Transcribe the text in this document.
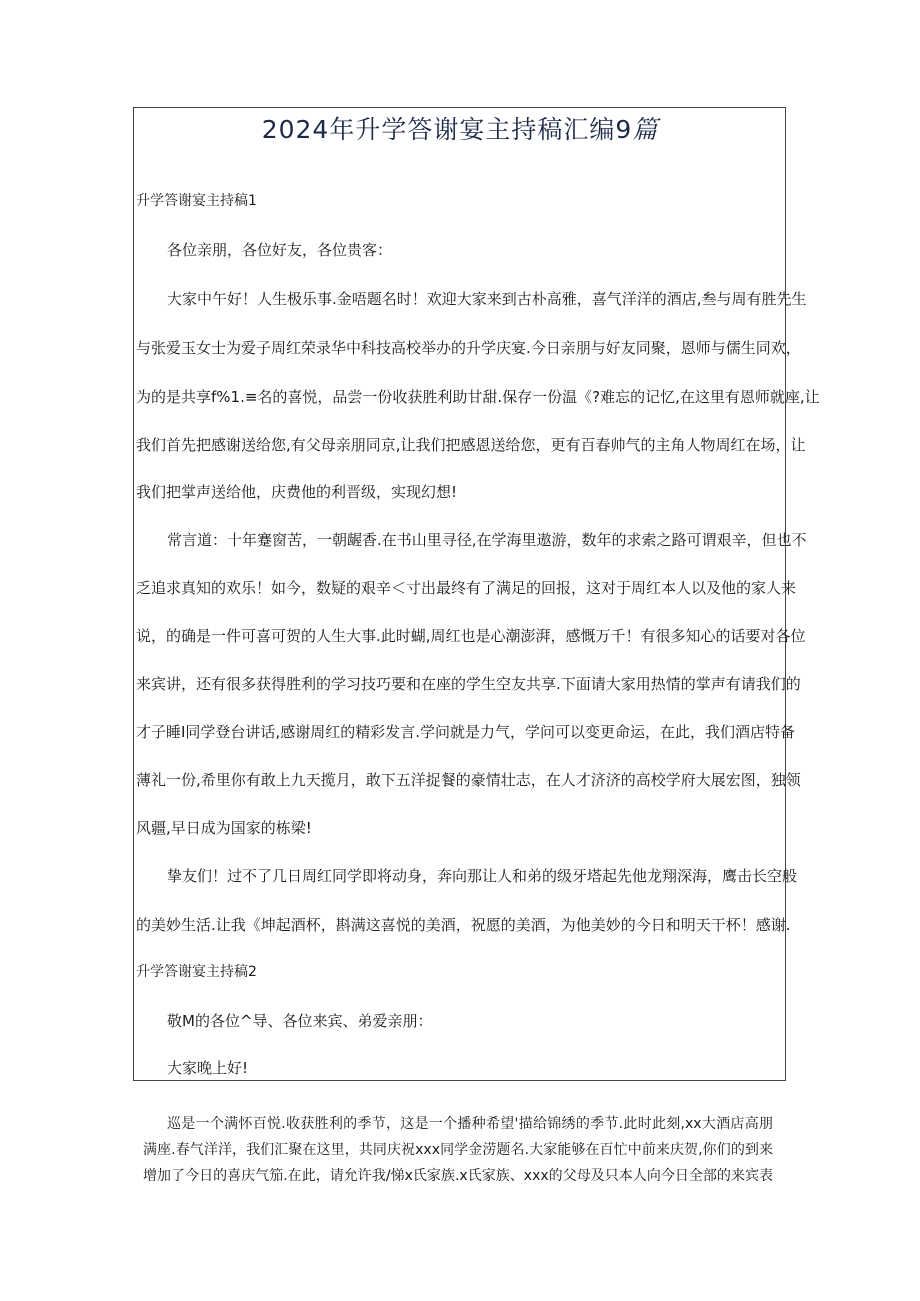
2024年升学答谢宴主持稿汇编9篇

升学答谢宴主持稿1

各位亲朋，各位好友，各位贵客：

大家中午好！人生极乐事.金唔题名时！欢迎大家来到古朴高雅，喜气洋洋的酒店,叁与周有胜先生

与张爱玉女士为爱子周红荣录华中科技高校举办的升学庆宴.今日亲朋与好友同聚，恩师与儒生同欢，

为的是共享f%1.≡名的喜悦，品尝一份收获胜利助甘甜.保存一份温《?难忘的记忆,在这里有恩师就座,让

我们首先把感谢送给您,有父母亲朋同京,让我们把感恩送给您，更有百春帅气的主角人物周红在场，让

我们把掌声送给他，庆费他的利晋级，实现幻想!

常言道：十年蹇窗苦，一朝龌香.在书山里寻径,在学海里遨游，数年的求索之路可谓艰辛，但也不

乏追求真知的欢乐！如今，数疑的艰辛＜寸出最终有了满足的回报，这对于周红本人以及他的家人来

说，的确是一件可喜可贺的人生大事.此时蝴,周红也是心潮澎湃，感慨万千！有很多知心的话要对各位

来宾讲，还有很多获得胜利的学习技巧要和在座的学生空友共享.下面请大家用热情的掌声有请我们的

才子睡I同学登台讲话,感谢周红的精彩发言.学问就是力气，学问可以变更命运，在此，我们酒店特备

薄礼一份,希里你有敢上九天揽月，敢下五洋捉餐的豪情壮志，在人才济济的高校学府大展宏图，独领

风疆,早日成为国家的栋梁!

挚友们！过不了几日周红同学即将动身，奔向那让人和弟的级牙塔起先他龙翔深海，鹰击长空般

的美妙生活.让我《坤起酒杯，斟满这喜悦的美酒，祝愿的美酒，为他美妙的今日和明天干杯！感谢.

升学答谢宴主持稿2

敬M的各位^导、各位来宾、弟爱亲朋：

大家晚上好!

巡是一个满怀百悦.收获胜利的季节，这是一个播种希望'描给锦绣的季节.此时此刻,xx大酒店高朋

满座.春气洋洋，我们汇聚在这里，共同庆祝xxx同学金涝题名.大家能够在百忙中前来庆贺,你们的到来

增加了今日的喜庆气笳.在此，请允许我/悌x氏家族.x氏家族、xxx的父母及只本人向今日全部的来宾表
